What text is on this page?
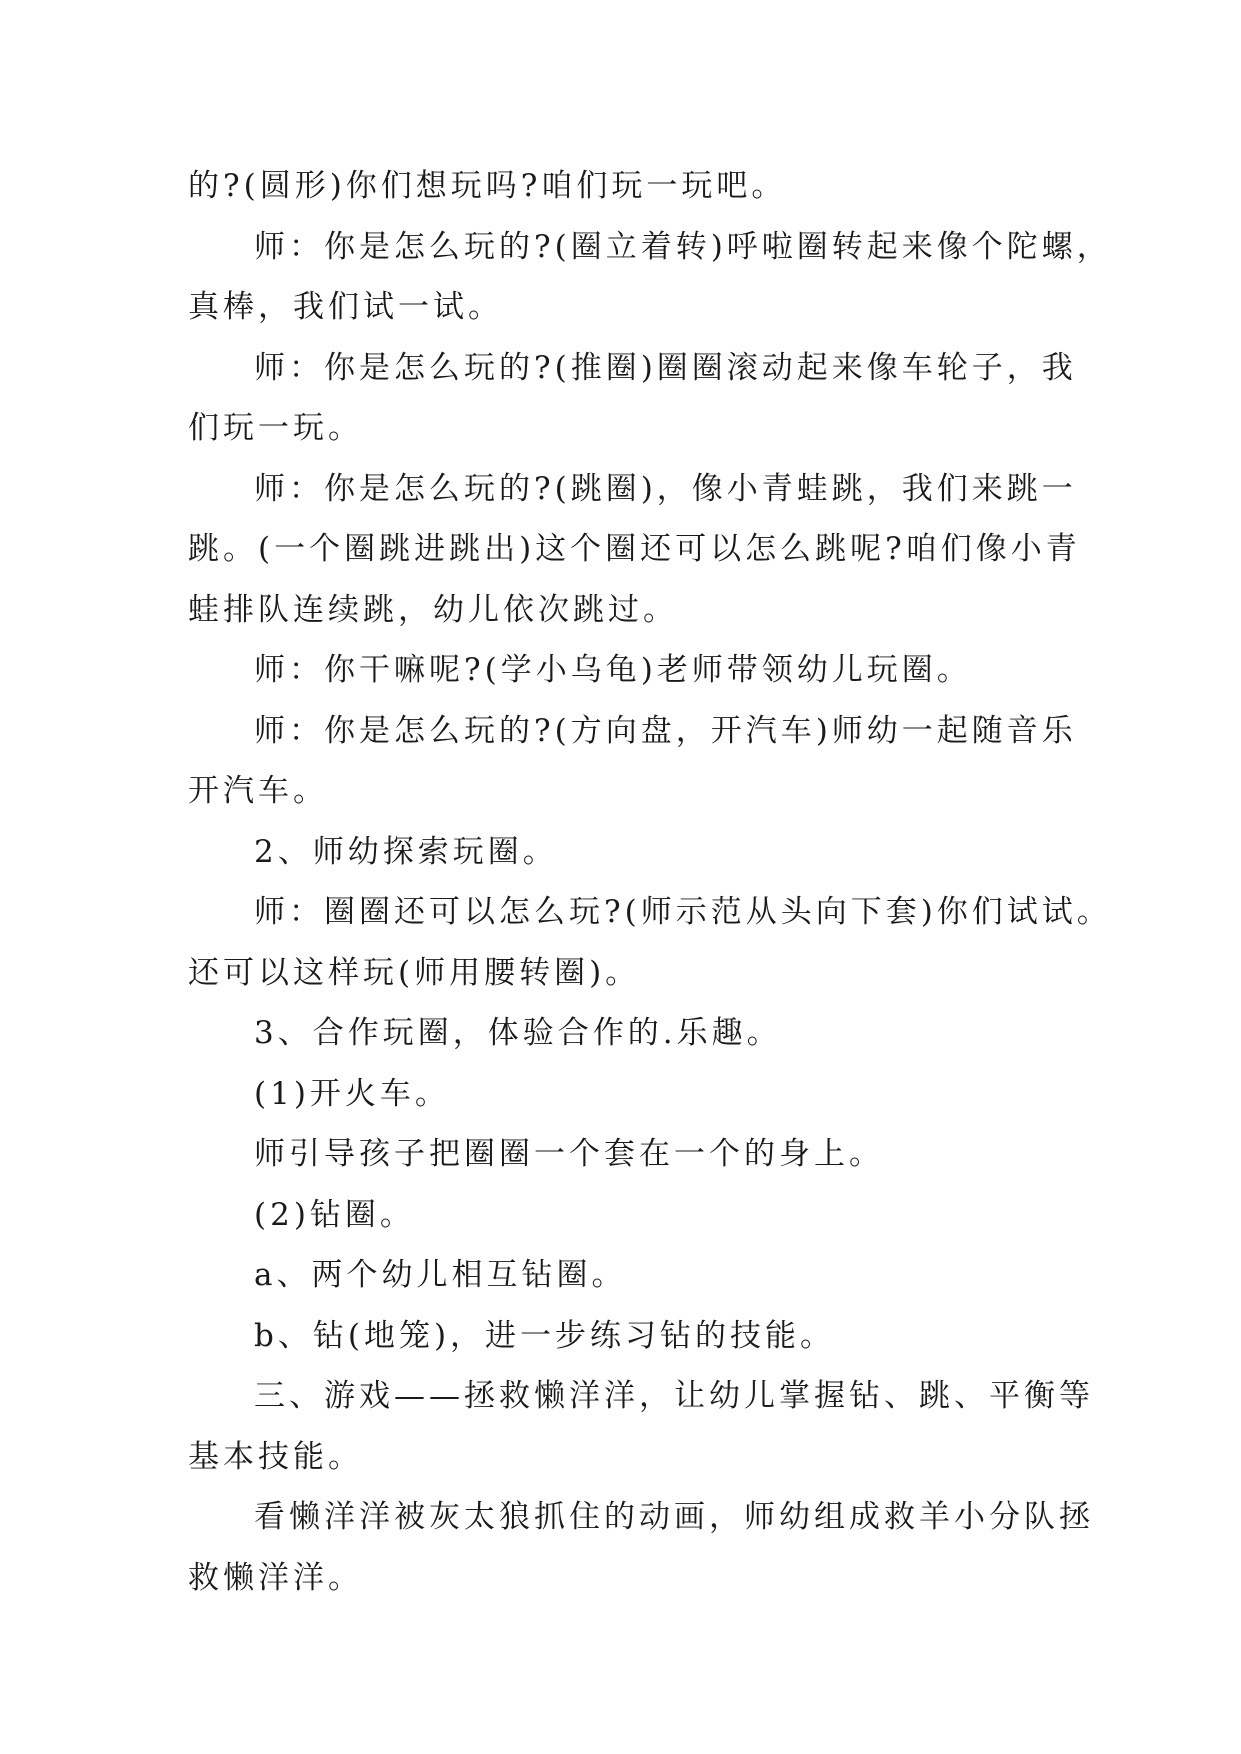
的?(圆形)你们想玩吗?咱们玩一玩吧。
师：你是怎么玩的?(圈立着转)呼啦圈转起来像个陀螺，
真棒，我们试一试。
师：你是怎么玩的?(推圈)圈圈滚动起来像车轮子，我
们玩一玩。
师：你是怎么玩的?(跳圈)，像小青蛙跳，我们来跳一
跳。(一个圈跳进跳出)这个圈还可以怎么跳呢?咱们像小青
蛙排队连续跳，幼儿依次跳过。
师：你干嘛呢?(学小乌龟)老师带领幼儿玩圈。
师：你是怎么玩的?(方向盘，开汽车)师幼一起随音乐
开汽车。
2、师幼探索玩圈。
师：圈圈还可以怎么玩?(师示范从头向下套)你们试试。
还可以这样玩(师用腰转圈)。
3、合作玩圈，体验合作的.乐趣。
(1)开火车。
师引导孩子把圈圈一个套在一个的身上。
(2)钻圈。
a、两个幼儿相互钻圈。
b、钻(地笼)，进一步练习钻的技能。
三、游戏——拯救懒洋洋，让幼儿掌握钻、跳、平衡等
基本技能。
看懒洋洋被灰太狼抓住的动画，师幼组成救羊小分队拯
救懒洋洋。
